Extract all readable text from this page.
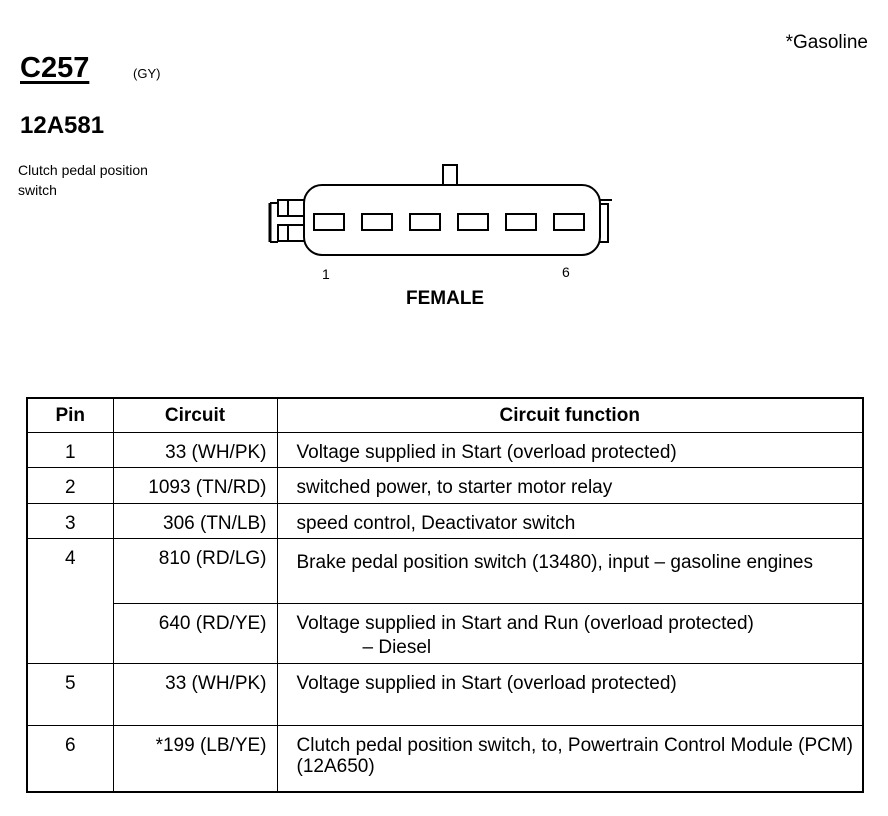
*Gasoline
C257	(GY)
12A581
Clutch pedal position switch
1	6
FEMALE
Pin	Circuit	Circuit function
1	33 (WH/PK)	Voltage supplied in Start (overload protected)
2	1093 (TN/RD)	switched power, to starter motor relay
3	306 (TN/LB)	speed control, Deactivator switch
4	810 (RD/LG)	Brake pedal position switch (13480), input – gasoline engines
	640 (RD/YE)	Voltage supplied in Start and Run (overload protected)– Diesel
5	33 (WH/PK)	Voltage supplied in Start (overload protected)
6	*199 (LB/YE)	Clutch pedal position switch, to, Powertrain Control Module (PCM) (12A650)
